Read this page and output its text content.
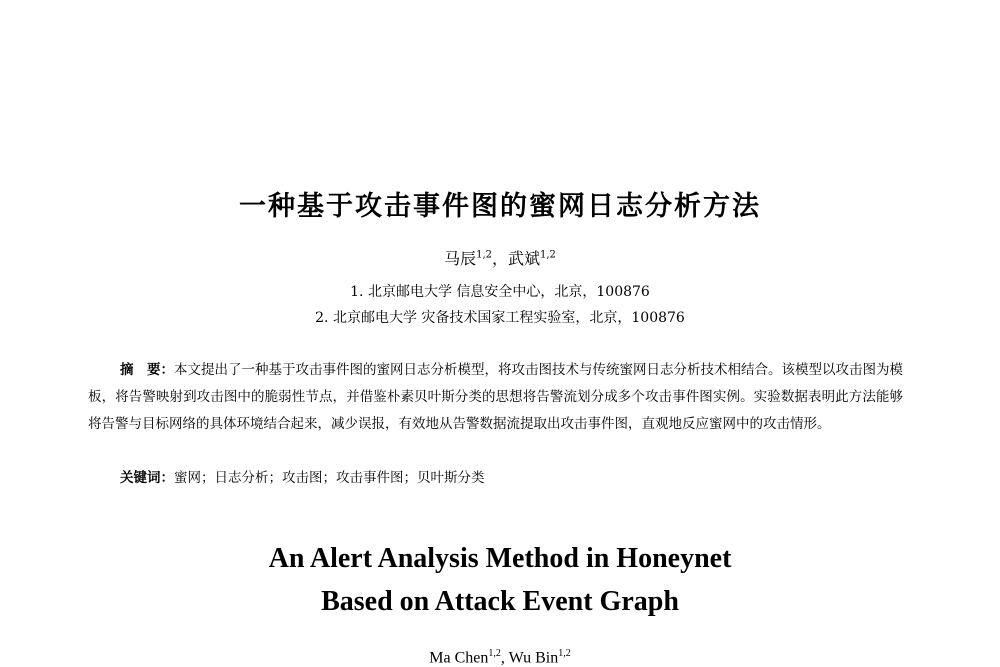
一种基于攻击事件图的蜜网日志分析方法
马辰$^{1,2}$，武斌$^{1,2}$
1. 北京邮电大学 信息安全中心，北京，100876
2. 北京邮电大学 灾备技术国家工程实验室，北京，100876
摘　要：本文提出了一种基于攻击事件图的蜜网日志分析模型，将攻击图技术与传统蜜网日志分析技术相结合。该模型以攻击图为模板，将告警映射到攻击图中的脆弱性节点，并借鉴朴素贝叶斯分类的思想将告警流划分成多个攻击事件图实例。实验数据表明此方法能够将告警与目标网络的具体环境结合起来，减少误报，有效地从告警数据流提取出攻击事件图，直观地反应蜜网中的攻击情形。
关键词：蜜网；日志分析；攻击图；攻击事件图；贝叶斯分类
An Alert Analysis Method in Honeynet
Based on Attack Event Graph
Ma Chen$^{1,2}$, Wu Bin$^{1,2}$
